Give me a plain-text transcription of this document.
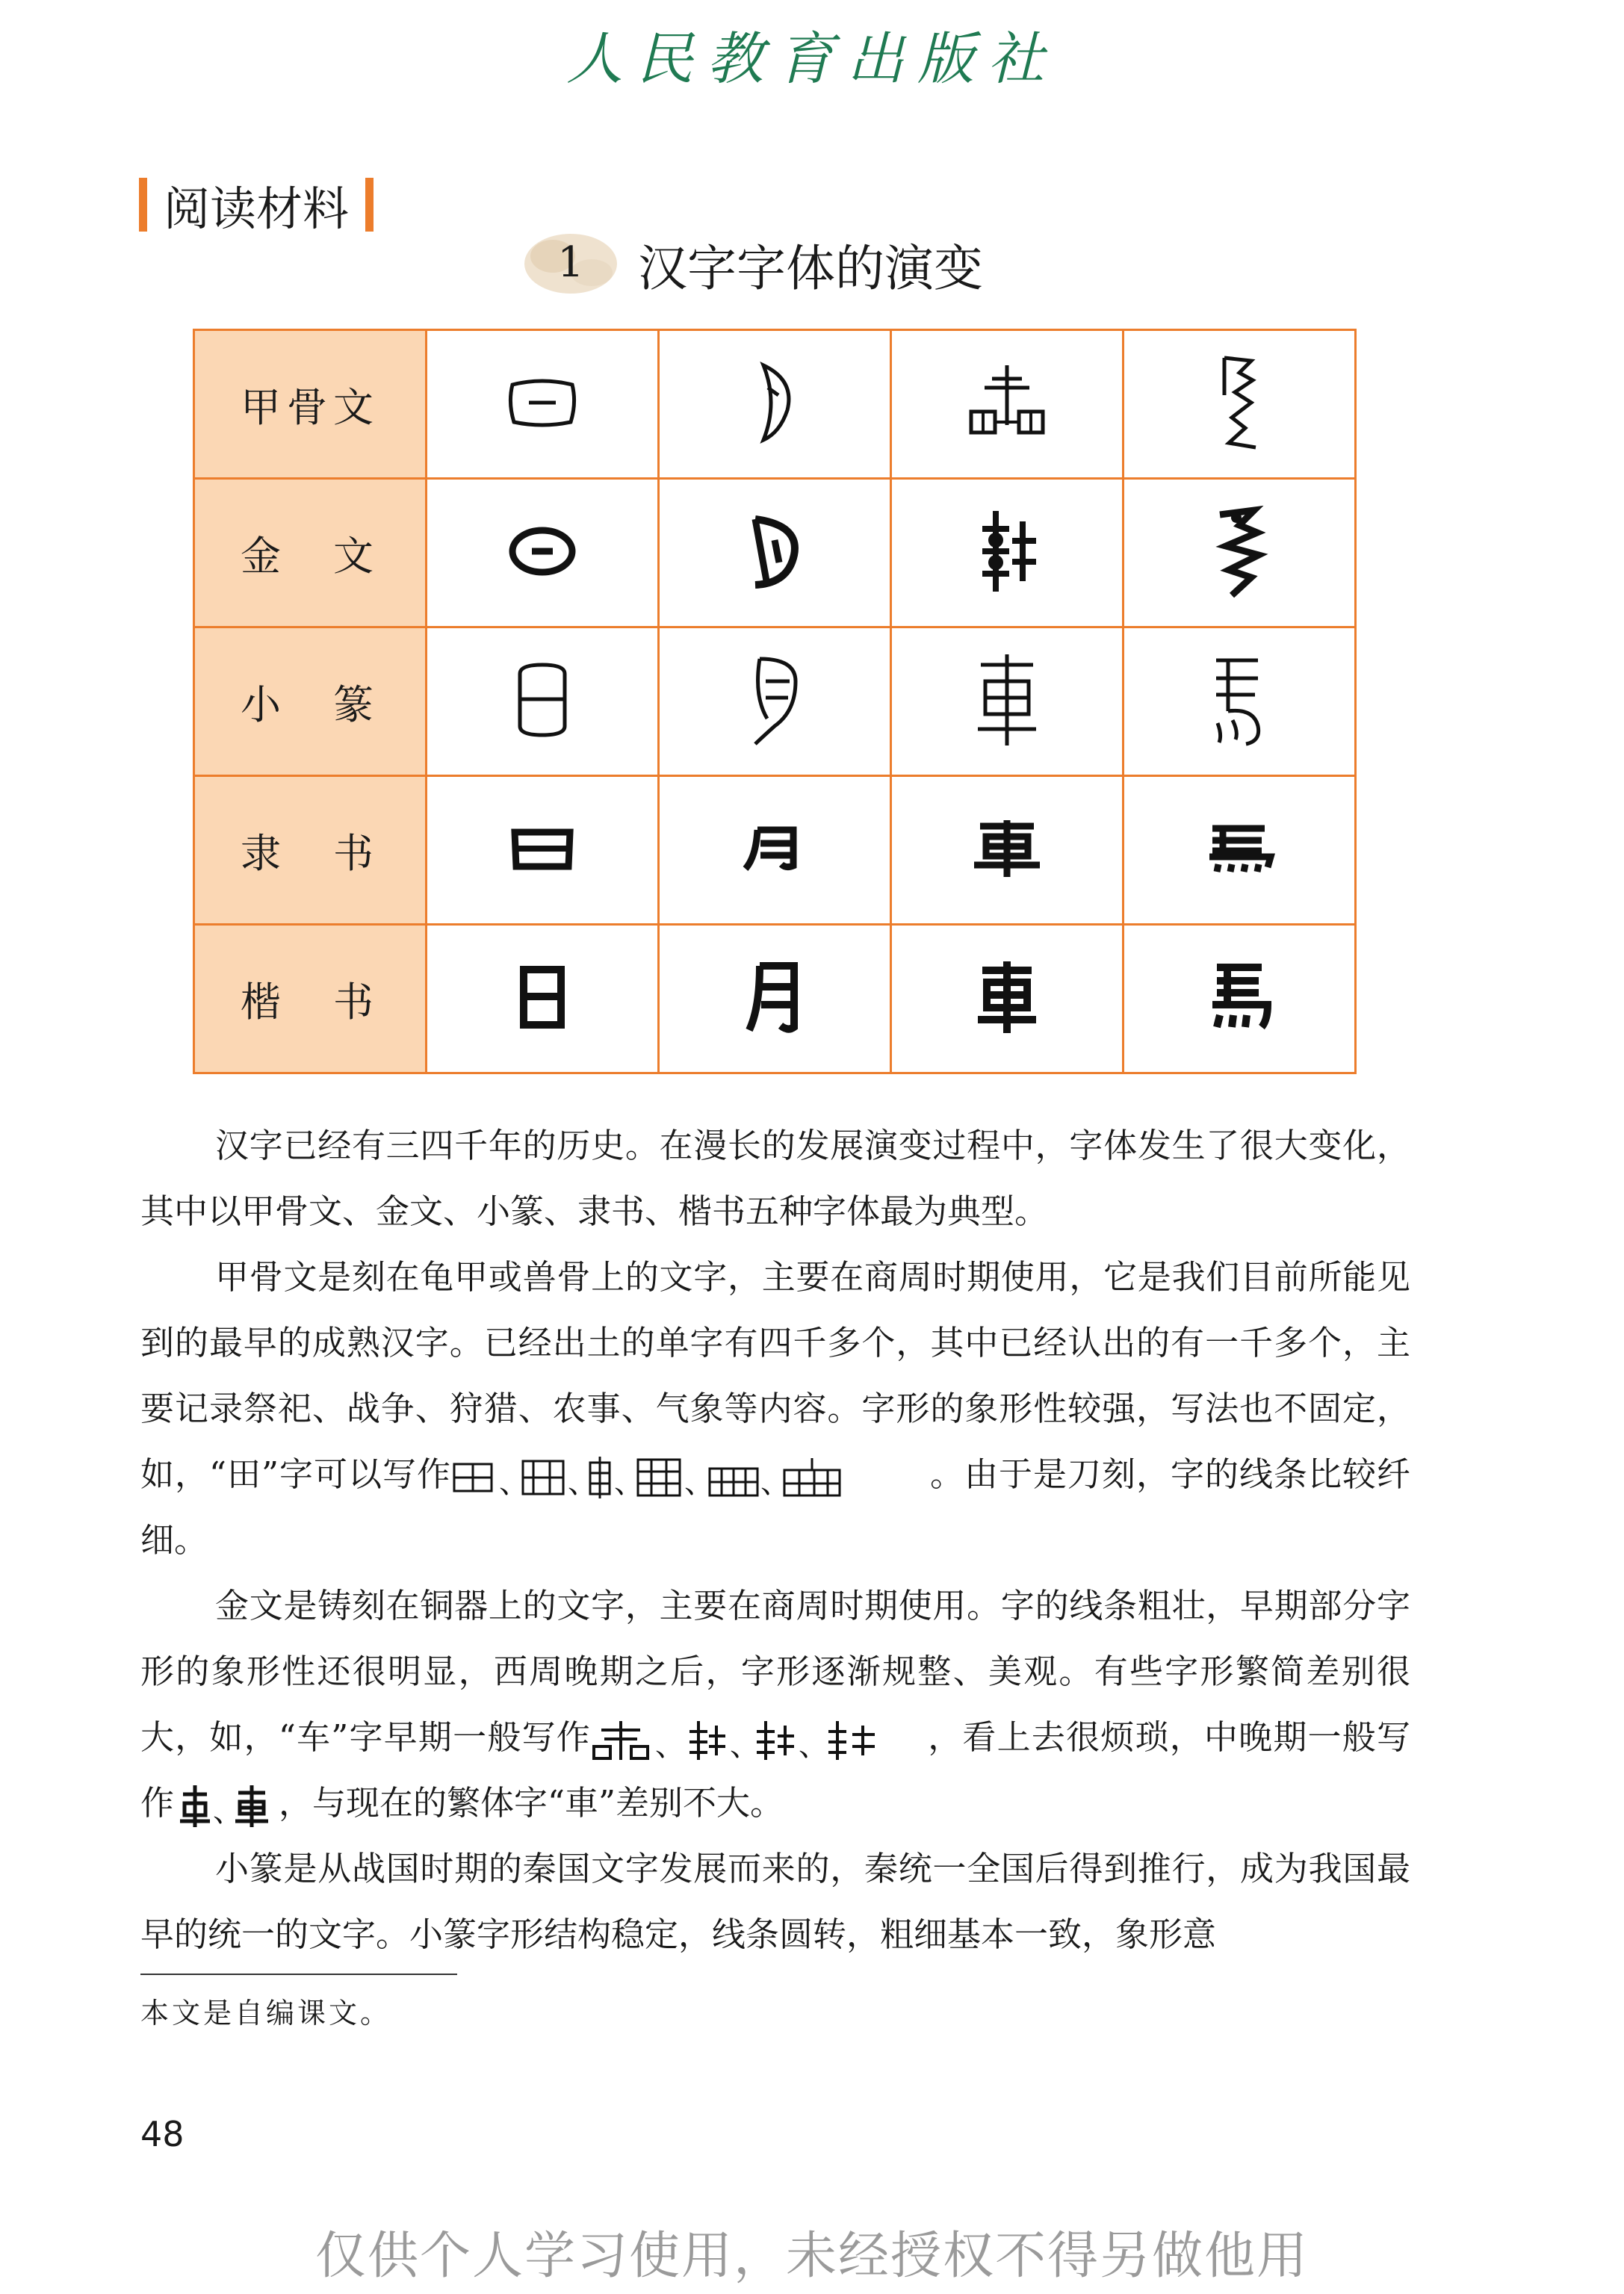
人民教育出版社
阅读材料
1	汉字字体的演变
甲骨文	

金　文	

小　篆	

隶　书	

楷　书	

汉字已经有三四千年的历史。在漫长的发展演变过程中，字体发生了很大变化，其中以甲骨文、金文、小篆、隶书、楷书五种字体最为典型。

甲骨文是刻在龟甲或兽骨上的文字，主要在商周时期使用，它是我们目前所能见到的最早的成熟汉字。已经出土的单字有四千多个，其中已经认出的有一千多个，主要记录祭祀、战争、狩猎、农事、气象等内容。字形的象形性较强，写法也不固定，如，“田”字可以写作 、 、 、 、 、	。由于是刀刻，字的线条比较纤细。

金文是铸刻在铜器上的文字，主要在商周时期使用。字的线条粗壮，早期部分字形的象形性还很明显，西周晚期之后，字形逐渐规整、美观。有些字形繁简差别很大，如，“车”字早期一般写作 、 、 、	，看上去很烦琐，中晚期一般写作 、 ，与现在的繁体字“車”差别不大。

小篆是从战国时期的秦国文字发展而来的，秦统一全国后得到推行，成为我国最早的统一的文字。小篆字形结构稳定，线条圆转，粗细基本一致，象形意

本文是自编课文。
48
仅供个人学习使用，未经授权不得另做他用
